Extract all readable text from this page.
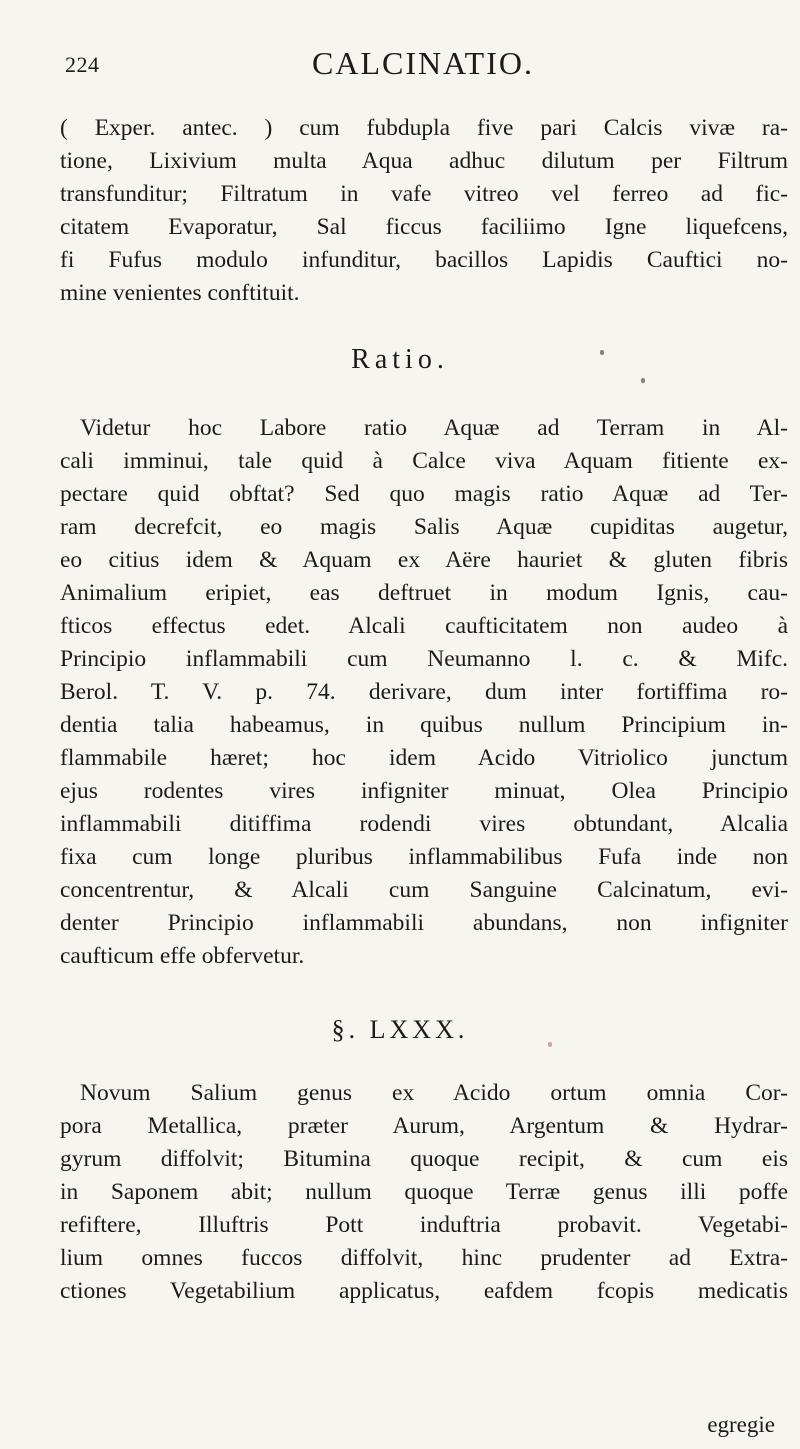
224	CALCINATIO.
( Exper. antec. ) cum fubdupla five pari Calcis vivæ ra-
tione, Lixivium multa Aqua adhuc dilutum per Filtrum
transfunditur; Filtratum in vafe vitreo vel ferreo ad fic-
citatem Evaporatur, Sal ficcus faciliimo Igne liquefcens,
fi Fufus modulo infunditur, bacillos Lapidis Cauftici no-
mine venientes conftituit.
Ratio.
Videtur hoc Labore ratio Aquæ ad Terram in Al-
cali imminui, tale quid à Calce viva Aquam fitiente ex-
pectare quid obftat? Sed quo magis ratio Aquæ ad Ter-
ram decrefcit, eo magis Salis Aquæ cupiditas augetur,
eo citius idem & Aquam ex Aëre hauriet & gluten fibris
Animalium eripiet, eas deftruet in modum Ignis, cau-
fticos effectus edet. Alcali caufticitatem non audeo à
Principio inflammabili cum Neumanno l. c. & Mifc.
Berol. T. V. p. 74. derivare, dum inter fortiffima ro-
dentia talia habeamus, in quibus nullum Principium in-
flammabile hæret; hoc idem Acido Vitriolico junctum
ejus rodentes vires infigniter minuat, Olea Principio
inflammabili ditiffima rodendi vires obtundant, Alcalia
fixa cum longe pluribus inflammabilibus Fufa inde non
concentrentur, & Alcali cum Sanguine Calcinatum, evi-
denter Principio inflammabili abundans, non infigniter
caufticum effe obfervetur.
§. LXXX.
Novum Salium genus ex Acido ortum omnia Cor-
pora Metallica, præter Aurum, Argentum & Hydrar-
gyrum diffolvit; Bitumina quoque recipit, & cum eis
in Saponem abit; nullum quoque Terræ genus illi poffe
refiftere, Illuftris Pott induftria probavit. Vegetabi-
lium omnes fuccos diffolvit, hinc prudenter ad Extra-
ctiones Vegetabilium applicatus, eafdem fcopis medicatis
egregie
